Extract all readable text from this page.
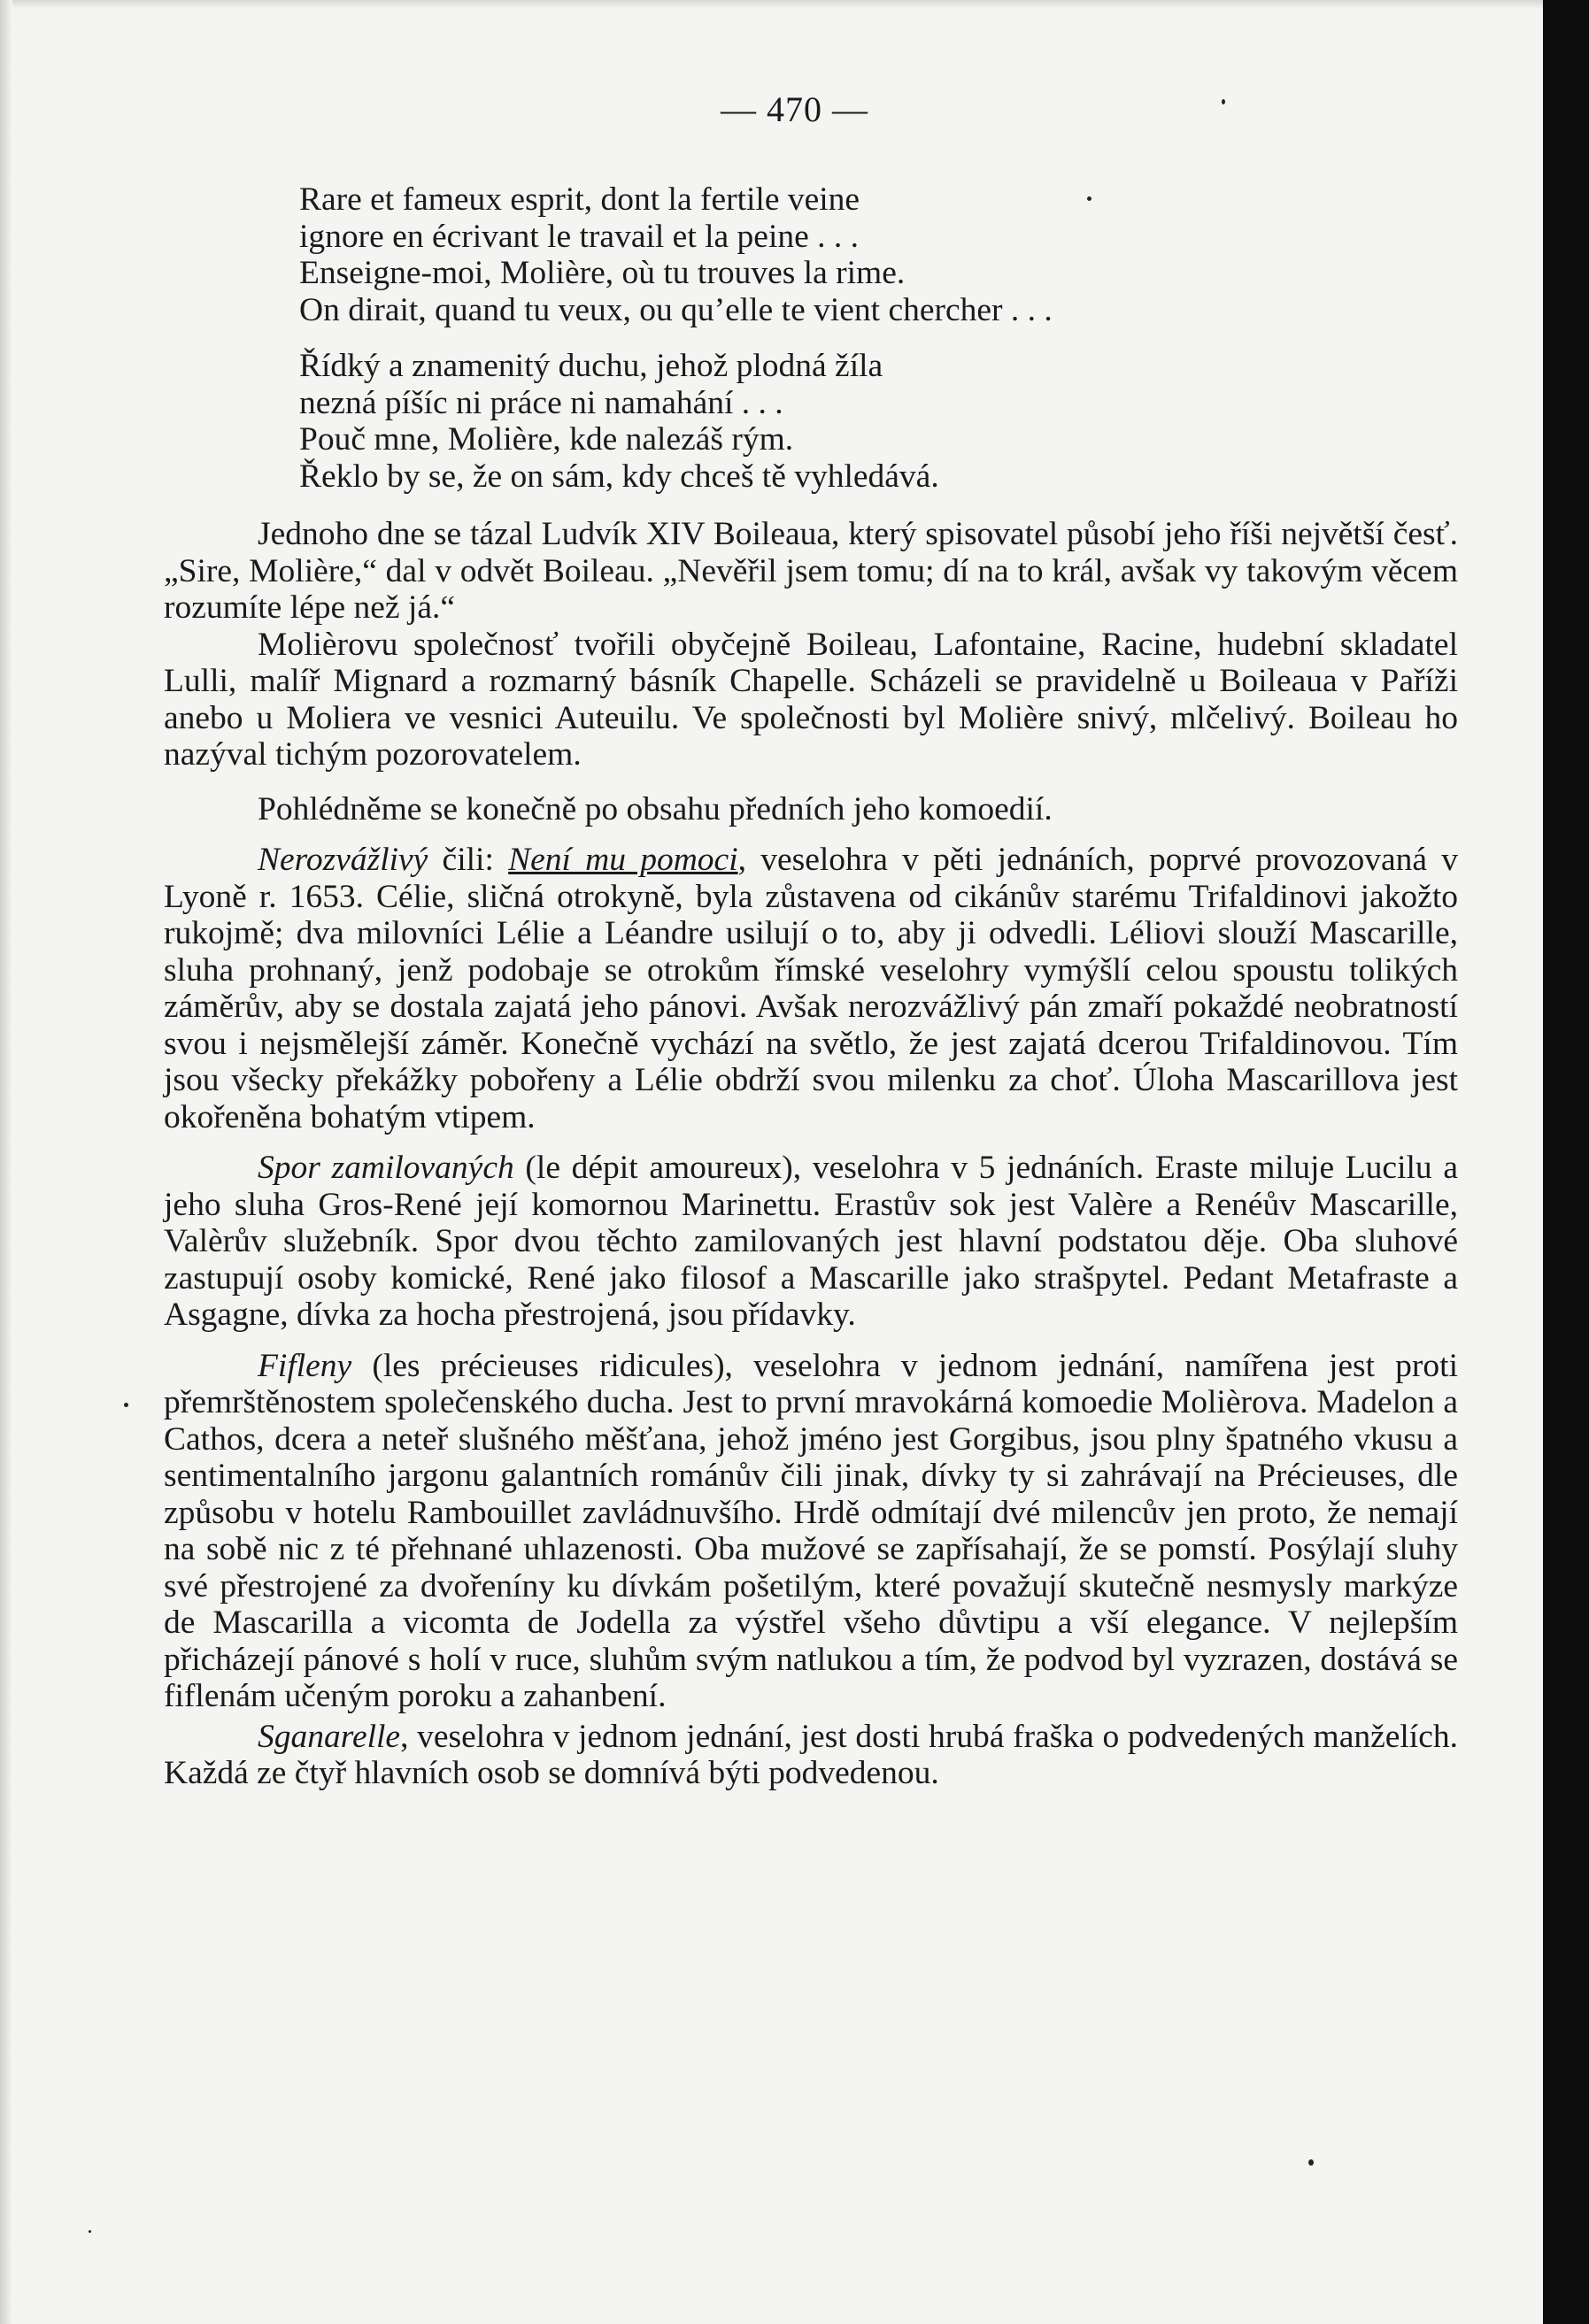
— 470 —
Rare et fameux esprit, dont la fertile veine
ignore en écrivant le travail et la peine . . .
Enseigne-moi, Molière, où tu trouves la rime.
On dirait, quand tu veux, ou qu’elle te vient chercher . . .
Řídký a znamenitý duchu, jehož plodná žíla
nezná píšíc ni práce ni namahání . . .
Pouč mne, Molière, kde nalezáš rým.
Řeklo by se, že on sám, kdy chceš tě vyhledává.

Jednoho dne se tázal Ludvík XIV Boileaua, který spisovatel působí jeho říši největší česť. „Sire, Molière,“ dal v odvět Boileau. „Nevěřil jsem tomu; dí na to král, avšak vy takovým věcem rozumíte lépe než já.“

Molièrovu společnosť tvořili obyčejně Boileau, Lafontaine, Racine, hudební skladatel Lulli, malíř Mignard a rozmarný básník Chapelle. Scházeli se pravidelně u Boileaua v Paříži anebo u Moliera ve vesnici Auteuilu. Ve společnosti byl Molière snivý, mlčelivý. Boileau ho nazýval tichým pozorovatelem.

Pohlédněme se konečně po obsahu předních jeho komoedií.

Nerozvážlivý čili: Není mu pomoci, veselohra v pěti jednáních, poprvé provozovaná v Lyoně r. 1653. Célie, sličná otrokyně, byla zůstavena od cikánův starému Trifaldinovi jakožto rukojmě; dva milovníci Lélie a Léandre usilují o to, aby ji odvedli. Léliovi slouží Mascarille, sluha prohnaný, jenž podobaje se otrokům římské veselohry vymýšlí celou spoustu tolikých záměrův, aby se dostala zajatá jeho pánovi. Avšak nerozvážlivý pán zmaří pokaždé neobratností svou i nejsmělejší záměr. Konečně vychází na světlo, že jest zajatá dcerou Trifaldinovou. Tím jsou všecky překážky pobořeny a Lélie obdrží svou milenku za choť. Úloha Mascarillova jest okořeněna bohatým vtipem.

Spor zamilovaných (le dépit amoureux), veselohra v 5 jednáních. Eraste miluje Lucilu a jeho sluha Gros-René její komornou Marinettu. Erastův sok jest Valère a Renéův Mascarille, Valèrův služebník. Spor dvou těchto zamilovaných jest hlavní podstatou děje. Oba sluhové zastupují osoby komické, René jako filosof a Mascarille jako strašpytel. Pedant Metafraste a Asgagne, dívka za hocha přestrojená, jsou přídavky.

Fifleny (les précieuses ridicules), veselohra v jednom jednání, namířena jest proti přemrštěnostem společenského ducha. Jest to první mravokárná komoedie Molièrova. Madelon a Cathos, dcera a neteř slušného měšťana, jehož jméno jest Gorgibus, jsou plny špatného vkusu a sentimentalního jargonu galantních románův čili jinak, dívky ty si zahrávají na Précieuses, dle způsobu v hotelu Rambouillet zavládnuvšího. Hrdě odmítají dvé milencův jen proto, že nemají na sobě nic z té přehnané uhlazenosti. Oba mužové se zapřísahají, že se pomstí. Posýlají sluhy své přestrojené za dvořeníny ku dívkám pošetilým, které považují skutečně nesmysly markýze de Mascarilla a vicomta de Jodella za výstřel všeho důvtipu a vší elegance. V nejlepším přicházejí pánové s holí v ruce, sluhům svým natlukou a tím, že podvod byl vyzrazen, dostává se fiflenám učeným poroku a zahanbení.

Sganarelle, veselohra v jednom jednání, jest dosti hrubá fraška o podvedených manželích. Každá ze čtyř hlavních osob se domnívá býti podvedenou.
